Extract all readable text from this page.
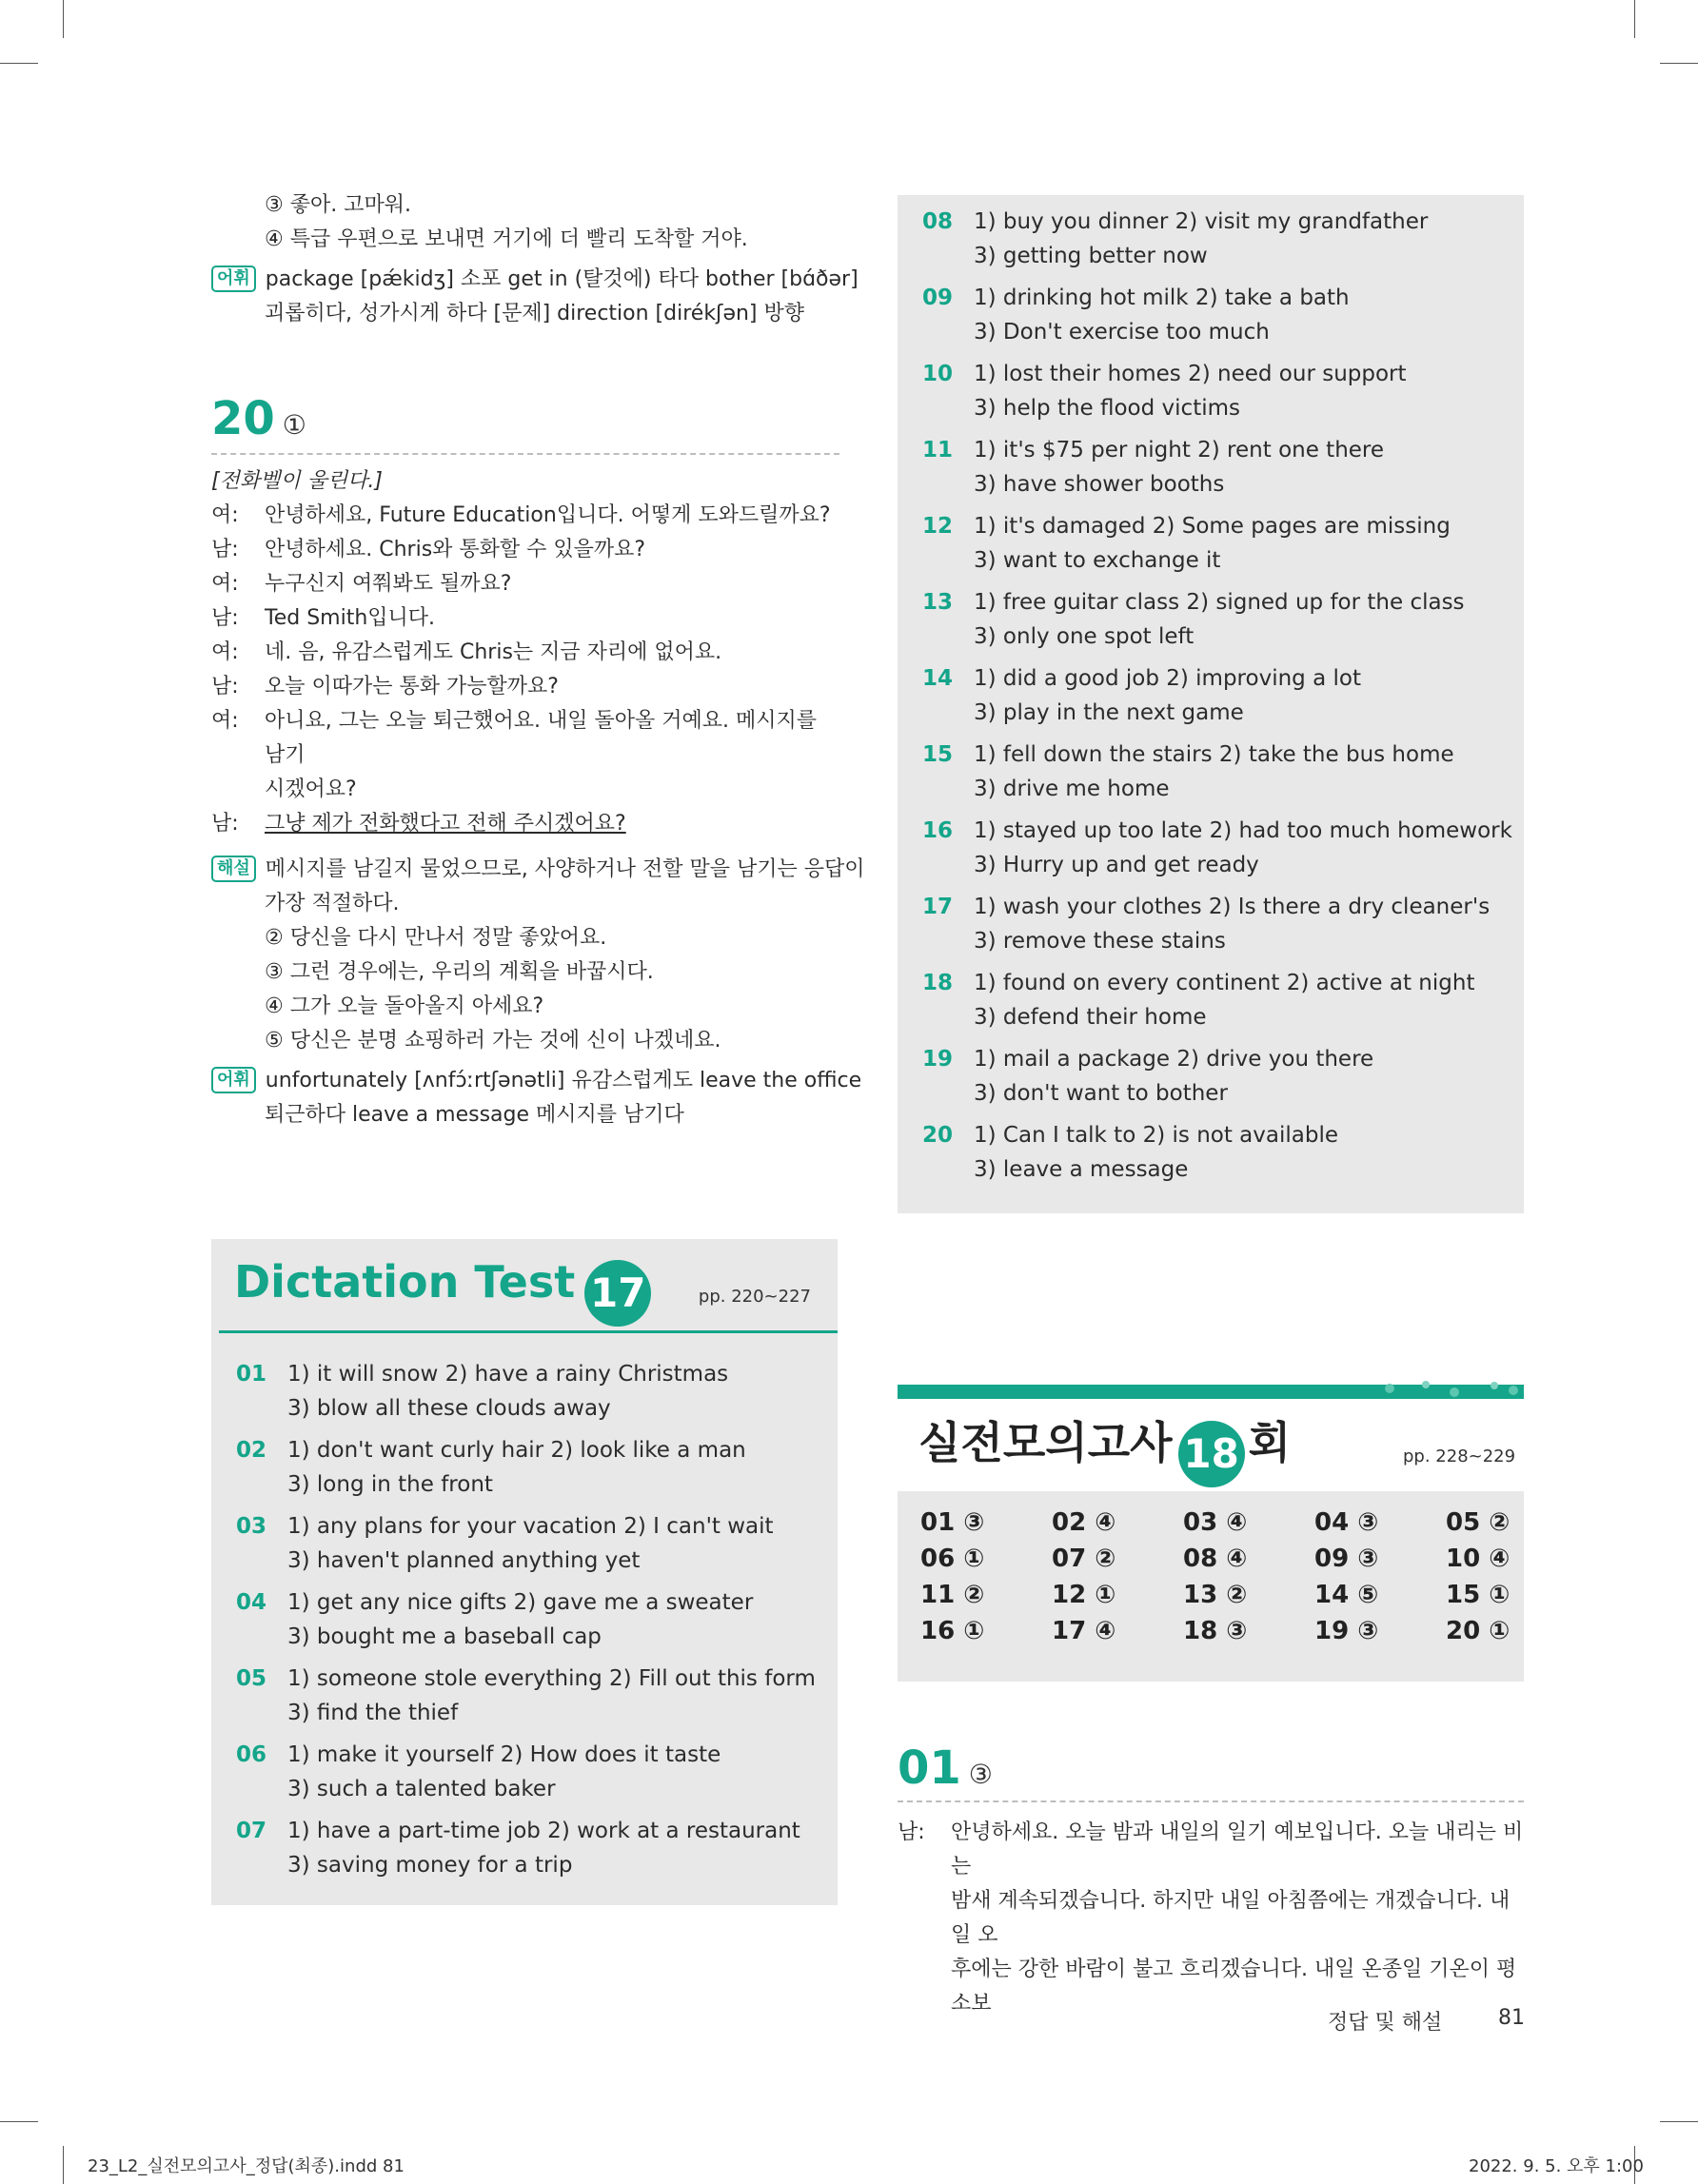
③ 좋아. 고마워.
④ 특급 우편으로 보내면 거기에 더 빨리 도착할 거야.
어휘 package [pǽkidʒ] 소포 get in (탈것에) 타다 bother [bɑ́ðər]
괴롭히다, 성가시게 하다 [문제] direction [dirékʃən] 방향
20 ①
[전화벨이 울린다.]
여:	안녕하세요, Future Education입니다. 어떻게 도와드릴까요?
남:	안녕하세요. Chris와 통화할 수 있을까요?
여:	누구신지 여쭤봐도 될까요?
남:	Ted Smith입니다.
여:	네. 음, 유감스럽게도 Chris는 지금 자리에 없어요.
남:	오늘 이따가는 통화 가능할까요?
여:	아니요, 그는 오늘 퇴근했어요. 내일 돌아올 거예요. 메시지를 남기
시겠어요?
남:	그냥 제가 전화했다고 전해 주시겠어요?
해설 메시지를 남길지 물었으므로, 사양하거나 전할 말을 남기는 응답이
가장 적절하다.
② 당신을 다시 만나서 정말 좋았어요.
③ 그런 경우에는, 우리의 계획을 바꿉시다.
④ 그가 오늘 돌아올지 아세요?
⑤ 당신은 분명 쇼핑하러 가는 것에 신이 나겠네요.
어휘 unfortunately [ʌnfɔ́ːrtʃənətli] 유감스럽게도 leave the office
퇴근하다 leave a message 메시지를 남기다
Dictation Test 17	pp. 220~227
01 1) it will snow 2) have a rainy Christmas
3) blow all these clouds away
02 1) don't want curly hair 2) look like a man
3) long in the front
03 1) any plans for your vacation 2) I can't wait
3) haven't planned anything yet
04 1) get any nice gifts 2) gave me a sweater
3) bought me a baseball cap
05 1) someone stole everything 2) Fill out this form
3) find the thief
06 1) make it yourself 2) How does it taste
3) such a talented baker
07 1) have a part-time job 2) work at a restaurant
3) saving money for a trip
08 1) buy you dinner 2) visit my grandfather
3) getting better now
09 1) drinking hot milk 2) take a bath
3) Don't exercise too much
10 1) lost their homes 2) need our support
3) help the flood victims
11 1) it's $75 per night 2) rent one there
3) have shower booths
12 1) it's damaged 2) Some pages are missing
3) want to exchange it
13 1) free guitar class 2) signed up for the class
3) only one spot left
14 1) did a good job 2) improving a lot
3) play in the next game
15 1) fell down the stairs 2) take the bus home
3) drive me home
16 1) stayed up too late 2) had too much homework
3) Hurry up and get ready
17 1) wash your clothes 2) Is there a dry cleaner's
3) remove these stains
18 1) found on every continent 2) active at night
3) defend their home
19 1) mail a package 2) drive you there
3) don't want to bother
20 1) Can I talk to 2) is not available
3) leave a message
실전모의고사 18 회	pp. 228~229
01 ③	02 ④	03 ④	04 ③	05 ②
06 ①	07 ②	08 ④	09 ③	10 ④
11 ②	12 ①	13 ②	14 ⑤	15 ①
16 ①	17 ④	18 ③	19 ③	20 ①
01 ③
남:	안녕하세요. 오늘 밤과 내일의 일기 예보입니다. 오늘 내리는 비는
밤새 계속되겠습니다. 하지만 내일 아침쯤에는 개겠습니다. 내일 오
후에는 강한 바람이 불고 흐리겠습니다. 내일 온종일 기온이 평소보
정답 및 해설	81
23_L2_실전모의고사_정답(최종).indd 81	2022. 9. 5. 오후 1:00
